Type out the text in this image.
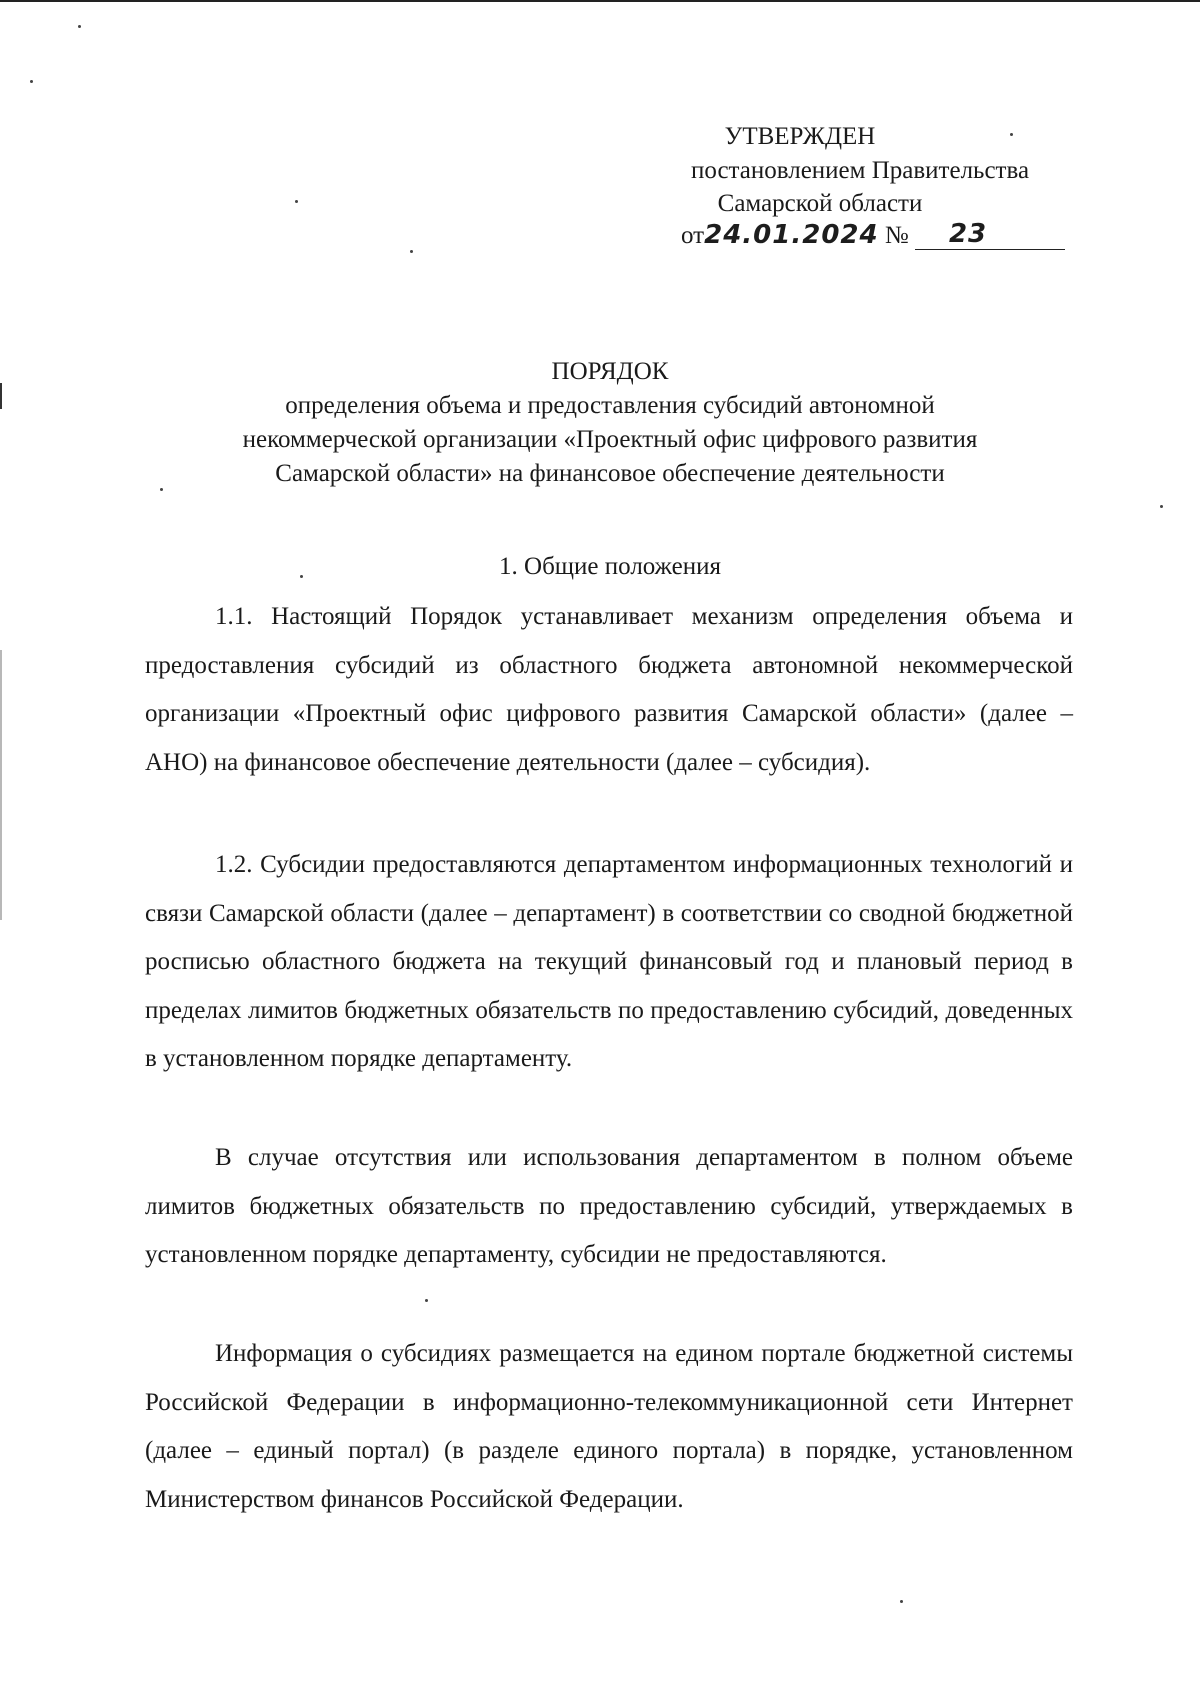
УТВЕРЖДЕН
постановлением Правительства
Самарской области
от24.01.2024 № 23
ПОРЯДОК
определения объема и предоставления субсидий автономной
некоммерческой организации «Проектный офис цифрового развития
Самарской области» на финансовое обеспечение деятельности
1. Общие положения

1.1. Настоящий Порядок устанавливает механизм определения объема и предоставления субсидий из областного бюджета автономной некоммерческой организации «Проектный офис цифрового развития Самарской области» (далее – АНО) на финансовое обеспечение деятельности (далее – субсидия).

1.2. Субсидии предоставляются департаментом информационных технологий и связи Самарской области (далее – департамент) в соответствии со сводной бюджетной росписью областного бюджета на текущий финансовый год и плановый период в пределах лимитов бюджетных обязательств по предоставлению субсидий, доведенных в установленном порядке департаменту.

В случае отсутствия или использования департаментом в полном объеме лимитов бюджетных обязательств по предоставлению субсидий, утверждаемых в установленном порядке департаменту, субсидии не предоставляются.

Информация о субсидиях размещается на едином портале бюджетной системы Российской Федерации в информационно-телекоммуникационной сети Интернет (далее – единый портал) (в разделе единого портала) в порядке, установленном Министерством финансов Российской Федерации.
